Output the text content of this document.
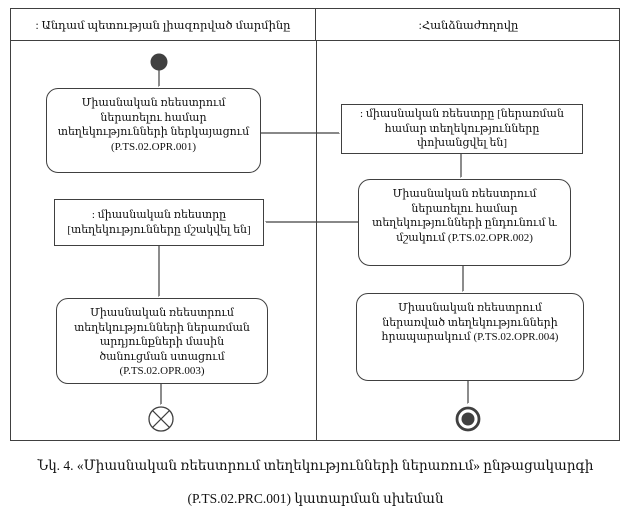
: Անդամ պետության լիազորված մարմինը	:Հանձնաժողովը
Միասնական ռեեստրում ներառելու համար տեղեկությունների ներկայացում (P.TS.02.OPR.001)
: միասնական ռեեստրը [ներառման համար տեղեկությունները փոխանցվել են]
Միասնական ռեեստրում ներառելու համար տեղեկությունների ընդունում և մշակում (P.TS.02.OPR.002)
: միասնական ռեեստրը [տեղեկությունները մշակվել են]
Միասնական ռեեստրում տեղեկությունների ներառման արդյունքների մասին ծանուցման ստացում (P.TS.02.OPR.003)
Միասնական ռեեստրում ներառված տեղեկությունների հրապարակում (P.TS.02.OPR.004)
Նկ. 4. «Միասնական ռեեստրում տեղեկությունների ներառում» ընթացակարգի
(P.TS.02.PRC.001) կատարման սխեման
